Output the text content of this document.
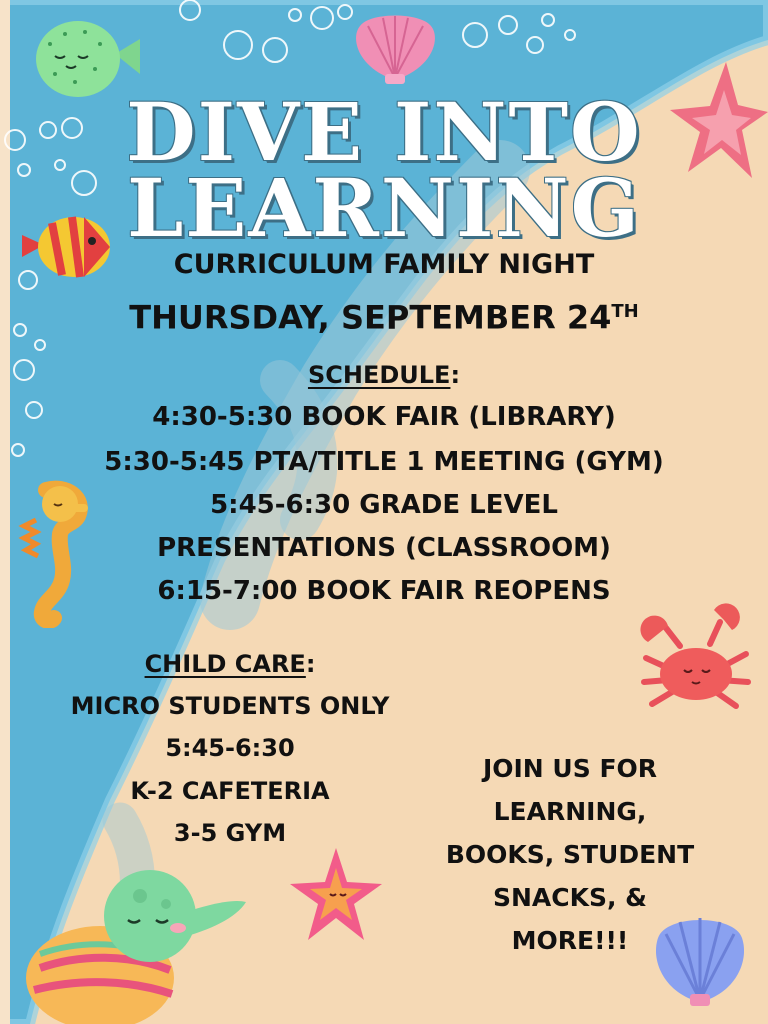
DIVE INTO
LEARNING
CURRICULUM FAMILY NIGHT
THURSDAY, SEPTEMBER 24TH
SCHEDULE:
4:30-5:30 BOOK FAIR (LIBRARY)
5:30-5:45 PTA/TITLE 1 MEETING (GYM)
5:45-6:30 GRADE LEVEL
PRESENTATIONS (CLASSROOM)
6:15-7:00 BOOK FAIR REOPENS
CHILD CARE:
MICRO STUDENTS ONLY
5:45-6:30
K-2 CAFETERIA
3-5 GYM
JOIN US FOR
LEARNING,
BOOKS, STUDENT
SNACKS, &
MORE!!!
